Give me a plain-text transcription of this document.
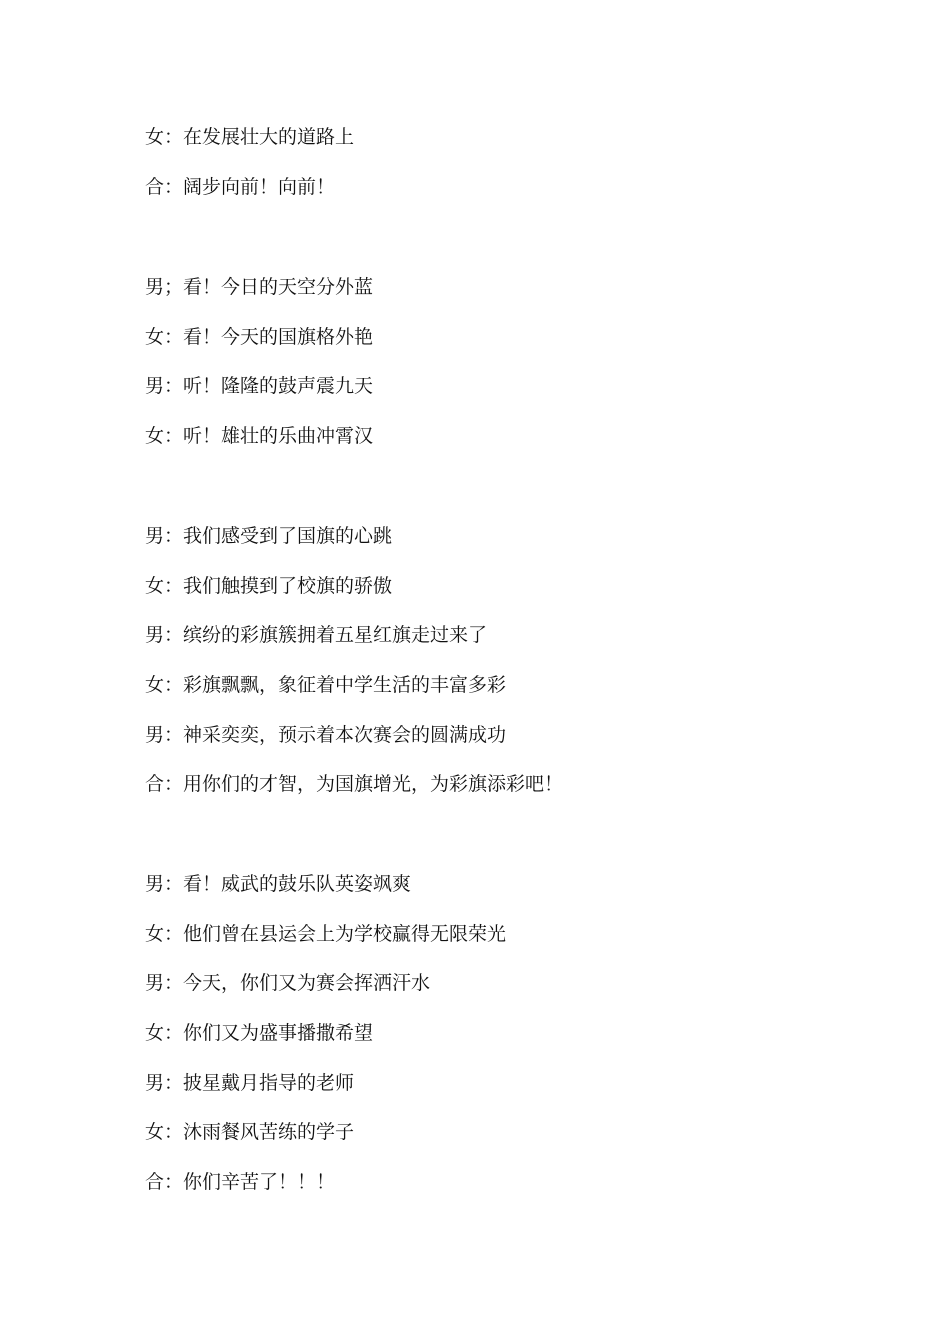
女：在发展壮大的道路上
合：阔步向前！向前！
男；看！今日的天空分外蓝
女：看！今天的国旗格外艳
男：听！隆隆的鼓声震九天
女：听！雄壮的乐曲冲霄汉
男：我们感受到了国旗的心跳
女：我们触摸到了校旗的骄傲
男：缤纷的彩旗簇拥着五星红旗走过来了
女：彩旗飘飘，象征着中学生活的丰富多彩
男：神采奕奕，预示着本次赛会的圆满成功
合：用你们的才智，为国旗增光，为彩旗添彩吧！
男：看！威武的鼓乐队英姿飒爽
女：他们曾在县运会上为学校赢得无限荣光
男：今天，你们又为赛会挥洒汗水
女：你们又为盛事播撒希望
男：披星戴月指导的老师
女：沐雨餐风苦练的学子
合：你们辛苦了！！！
